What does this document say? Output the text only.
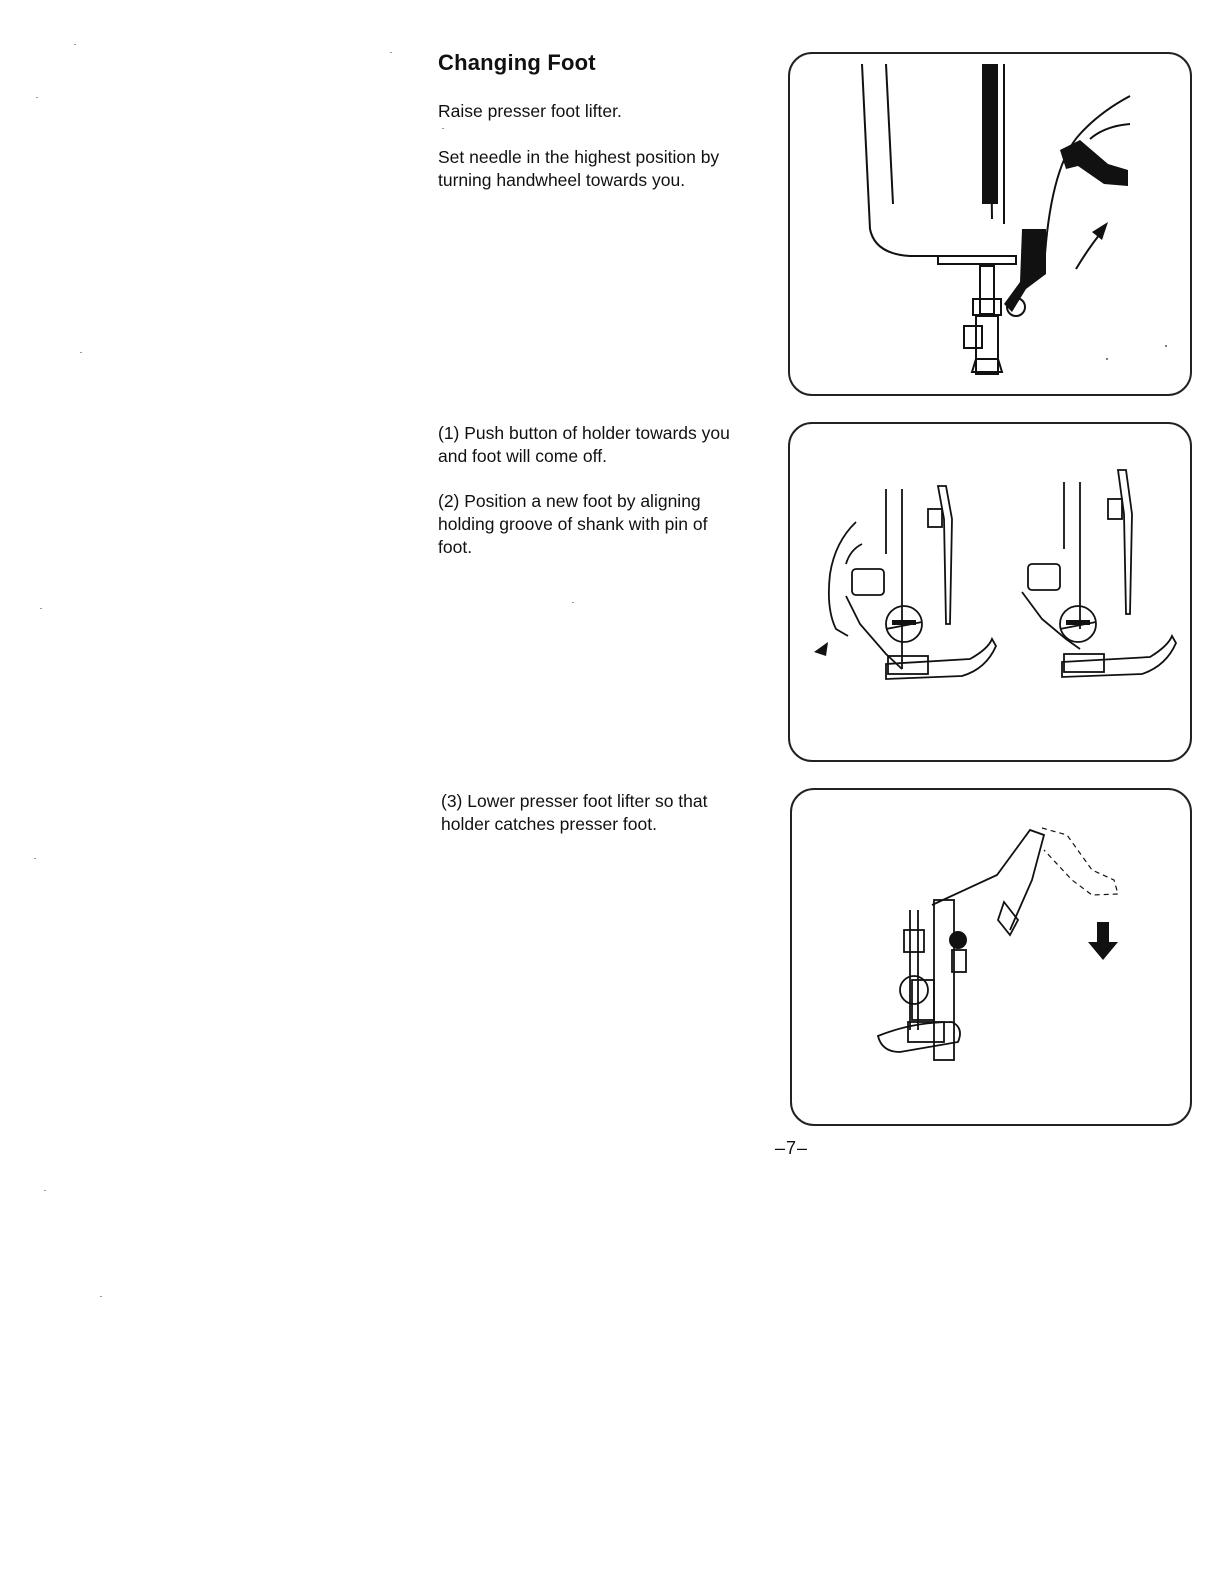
Changing Foot

Raise presser foot lifter.

Set needle in the highest position by turning handwheel towards you.

(1) Push button of holder towards you and foot will come off.

(2) Position a new foot by aligning holding groove of shank with pin of foot.

(3) Lower presser foot lifter so that holder catches presser foot.

–7–
